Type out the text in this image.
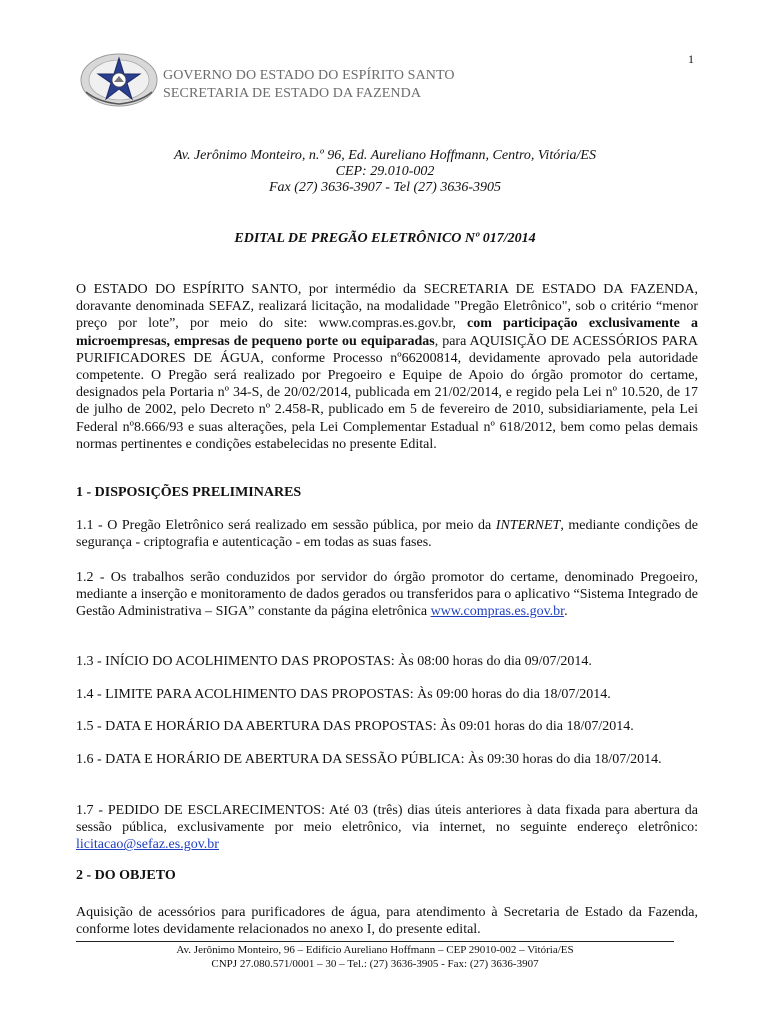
1
GOVERNO DO ESTADO DO ESPÍRITO SANTO
SECRETARIA DE ESTADO DA FAZENDA
Av. Jerônimo Monteiro, n.º 96, Ed. Aureliano Hoffmann, Centro, Vitória/ES
CEP: 29.010-002
Fax (27) 3636-3907 - Tel (27) 3636-3905
EDITAL DE PREGÃO ELETRÔNICO Nº 017/2014
O ESTADO DO ESPÍRITO SANTO, por intermédio da SECRETARIA DE ESTADO DA FAZENDA, doravante denominada SEFAZ, realizará licitação, na modalidade "Pregão Eletrônico", sob o critério “menor preço por lote”, por meio do site: www.compras.es.gov.br, com participação exclusivamente a microempresas, empresas de pequeno porte ou equiparadas, para AQUISIÇÃO DE ACESSÓRIOS PARA PURIFICADORES DE ÁGUA, conforme Processo nº66200814, devidamente aprovado pela autoridade competente. O Pregão será realizado por Pregoeiro e Equipe de Apoio do órgão promotor do certame, designados pela Portaria nº 34-S, de 20/02/2014, publicada em 21/02/2014, e regido pela Lei nº 10.520, de 17 de julho de 2002, pelo Decreto nº 2.458-R, publicado em 5 de fevereiro de 2010, subsidiariamente, pela Lei Federal nº8.666/93 e suas alterações, pela Lei Complementar Estadual nº 618/2012, bem como pelas demais normas pertinentes e condições estabelecidas no presente Edital.
1 - DISPOSIÇÕES PRELIMINARES
1.1 - O Pregão Eletrônico será realizado em sessão pública, por meio da INTERNET, mediante condições de segurança - criptografia e autenticação - em todas as suas fases.
1.2 - Os trabalhos serão conduzidos por servidor do órgão promotor do certame, denominado Pregoeiro, mediante a inserção e monitoramento de dados gerados ou transferidos para o aplicativo “Sistema Integrado de Gestão Administrativa – SIGA” constante da página eletrônica www.compras.es.gov.br.
1.3 - INÍCIO DO ACOLHIMENTO DAS PROPOSTAS: Às 08:00 horas do dia 09/07/2014.
1.4 - LIMITE PARA ACOLHIMENTO DAS PROPOSTAS: Às 09:00 horas do dia 18/07/2014.
1.5 - DATA E HORÁRIO DA ABERTURA DAS PROPOSTAS: Às 09:01 horas do dia 18/07/2014.
1.6 - DATA E HORÁRIO DE ABERTURA DA SESSÃO PÚBLICA: Às 09:30 horas do dia 18/07/2014.
1.7 - PEDIDO DE ESCLARECIMENTOS: Até 03 (três) dias úteis anteriores à data fixada para abertura da sessão pública, exclusivamente por meio eletrônico, via internet, no seguinte endereço eletrônico: licitacao@sefaz.es.gov.br
2 - DO OBJETO
Aquisição de acessórios para purificadores de água, para atendimento à Secretaria de Estado da Fazenda, conforme lotes devidamente relacionados no anexo I, do presente edital.
Av. Jerônimo Monteiro, 96 – Edifício Aureliano Hoffmann – CEP 29010-002 – Vitória/ES
CNPJ 27.080.571/0001 – 30 – Tel.: (27) 3636-3905 - Fax: (27) 3636-3907
